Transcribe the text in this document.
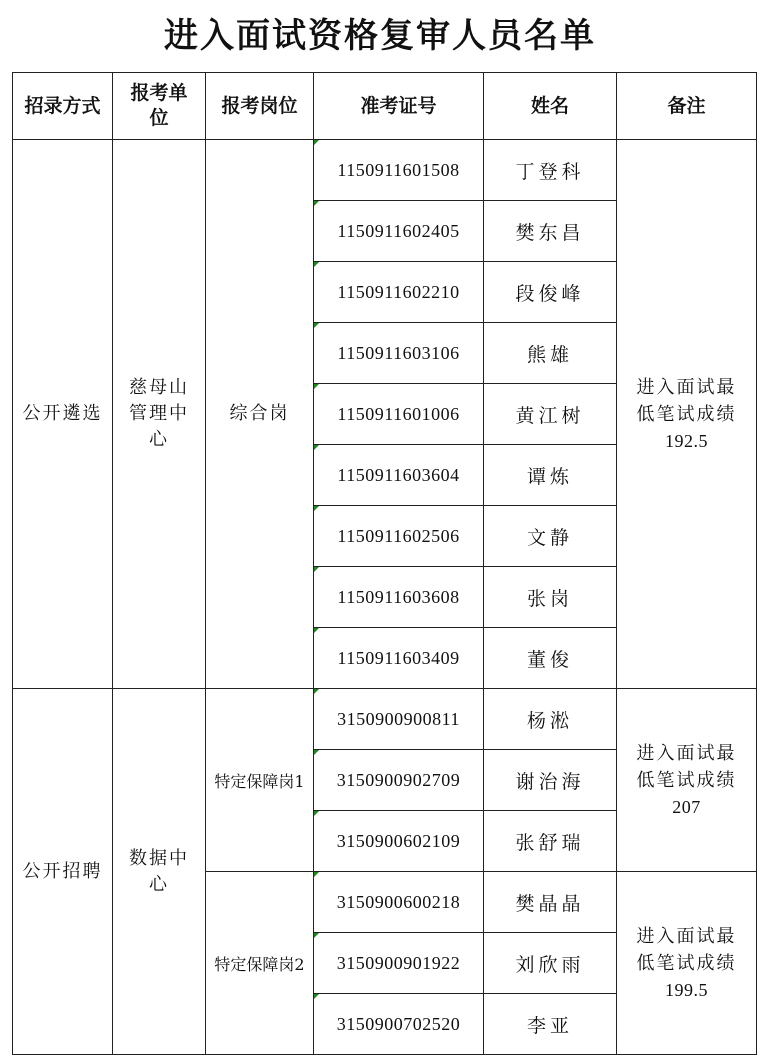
进入面试资格复审人员名单
招录方式	报考单位	报考岗位	准考证号	姓名	备注
公开遴选	慈母山管理中心	综合岗	1150911601508	丁登科	进入面试最低笔试成绩
192.5

1150911602405	樊东昌	

1150911602210	段俊峰	

1150911603106	熊雄	

1150911601006	黄江树	

1150911603604	谭炼	

1150911602506	文静	

1150911603608	张岗	

1150911603409	董俊	
公开招聘	数据中心	特定保障岗1	3150900900811	杨淞	进入面试最低笔试成绩
207

3150900902709	谢治海	

3150900602109	张舒瑞	
		特定保障岗2	3150900600218	樊晶晶	进入面试最低笔试成绩
199.5

3150900901922	刘欣雨	

3150900702520	李亚	
